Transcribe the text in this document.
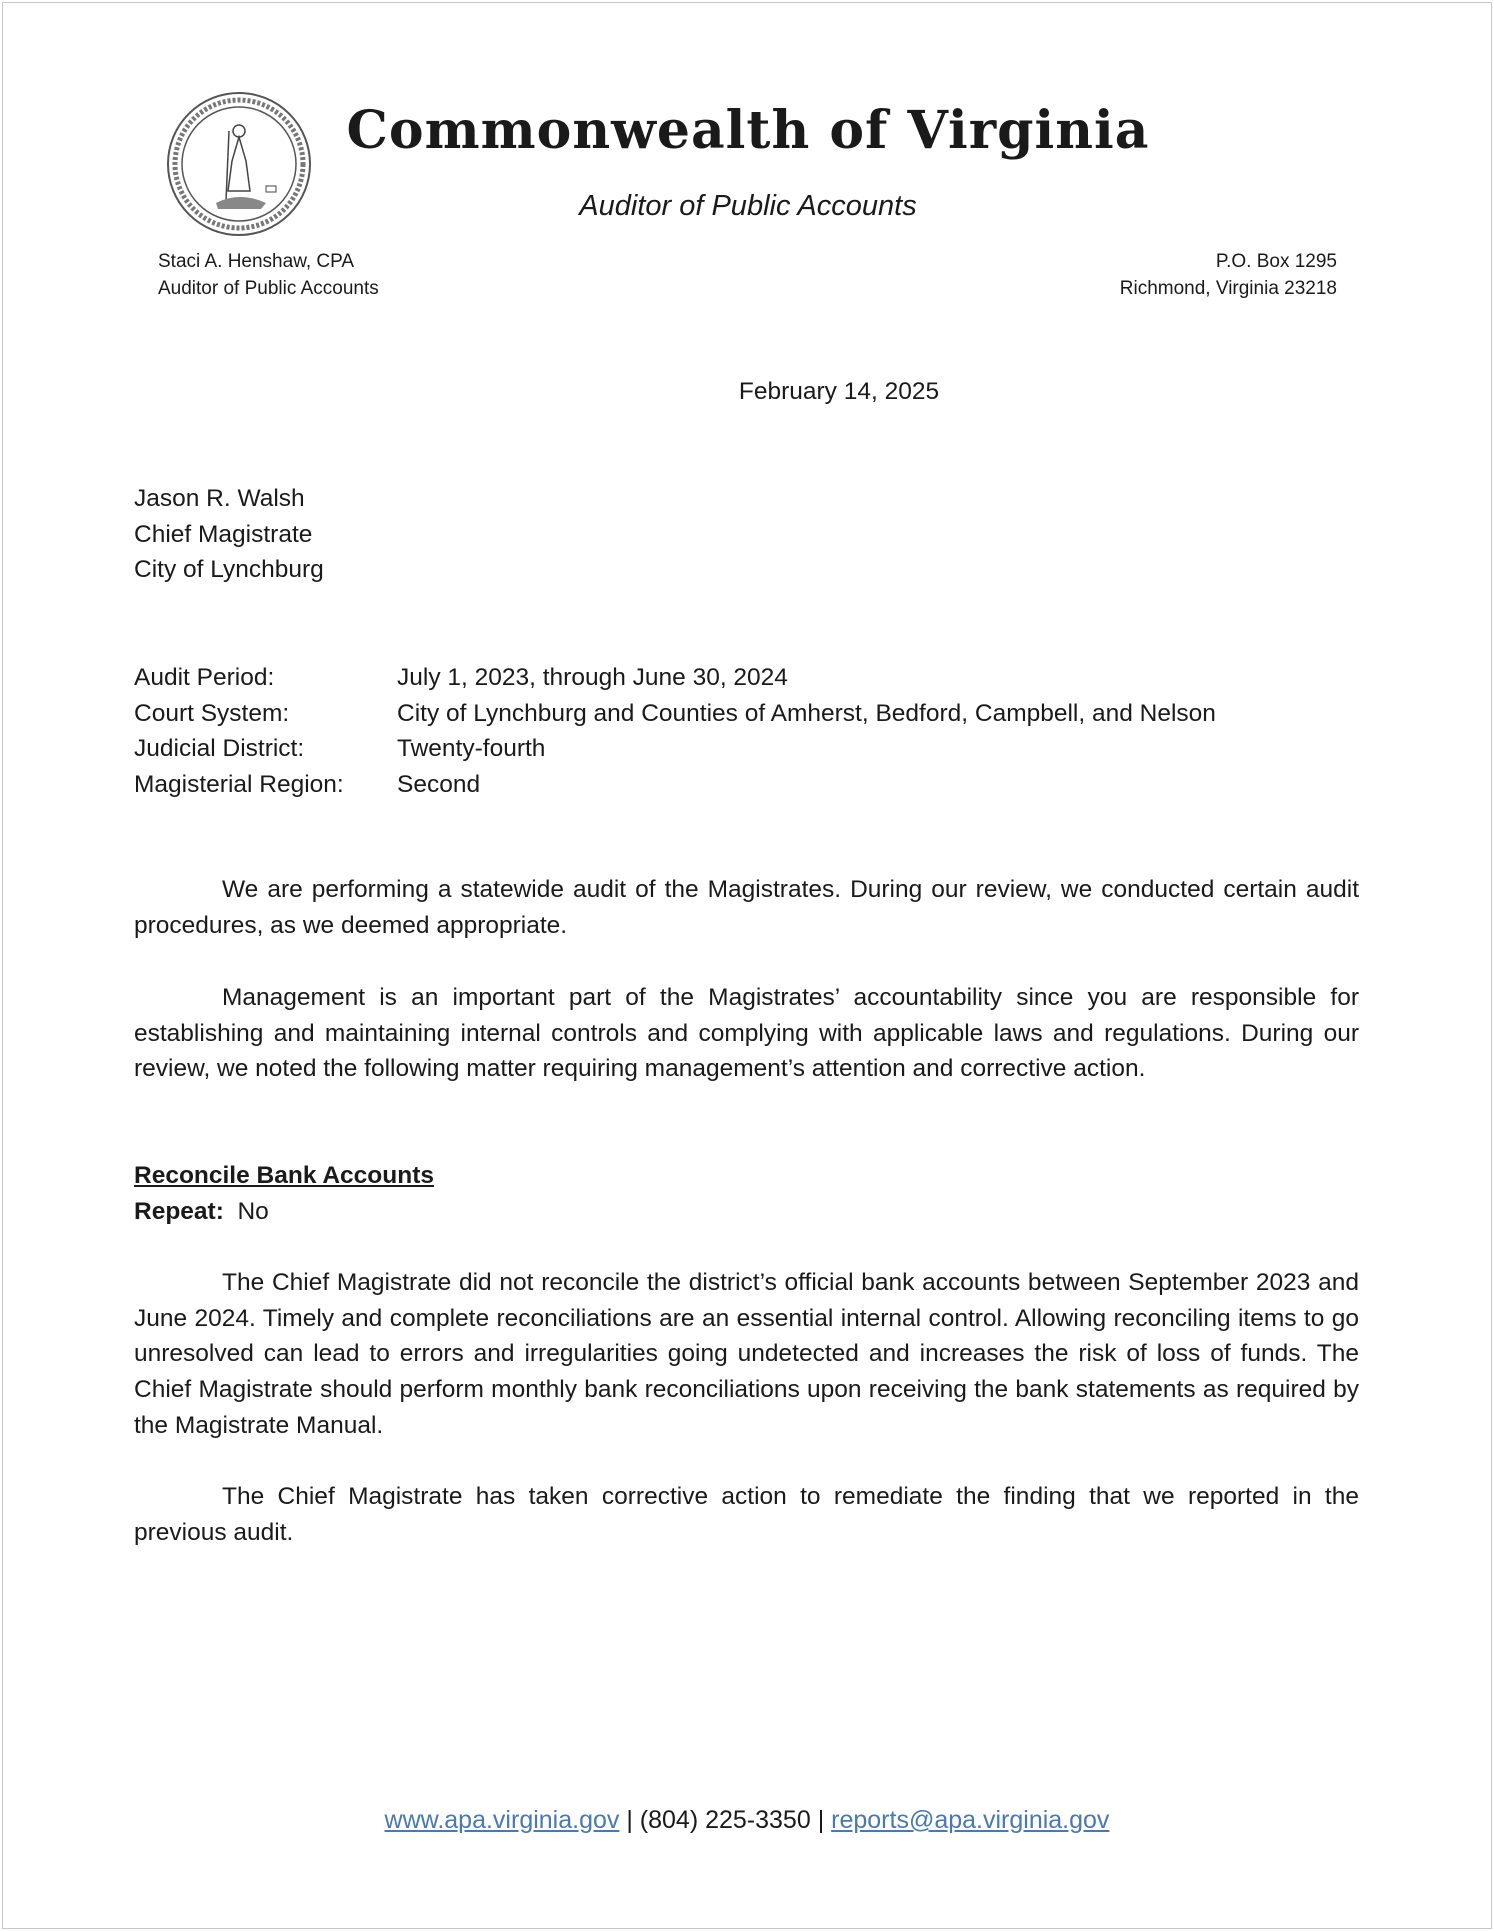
Commonwealth of Virginia
Auditor of Public Accounts
Staci A. Henshaw, CPA
Auditor of Public Accounts
P.O. Box 1295
Richmond, Virginia 23218
February 14, 2025
Jason R. Walsh
Chief Magistrate
City of Lynchburg
Audit Period:	July 1, 2023, through June 30, 2024
Court System:	City of Lynchburg and Counties of Amherst, Bedford, Campbell, and Nelson
Judicial District:	Twenty-fourth
Magisterial Region:	Second
We are performing a statewide audit of the Magistrates. During our review, we conducted certain audit procedures, as we deemed appropriate.
Management is an important part of the Magistrates’ accountability since you are responsible for establishing and maintaining internal controls and complying with applicable laws and regulations. During our review, we noted the following matter requiring management’s attention and corrective action.
Reconcile Bank Accounts
Repeat: No
The Chief Magistrate did not reconcile the district’s official bank accounts between September 2023 and June 2024. Timely and complete reconciliations are an essential internal control. Allowing reconciling items to go unresolved can lead to errors and irregularities going undetected and increases the risk of loss of funds. The Chief Magistrate should perform monthly bank reconciliations upon receiving the bank statements as required by the Magistrate Manual.
The Chief Magistrate has taken corrective action to remediate the finding that we reported in the previous audit.
www.apa.virginia.gov | (804) 225-3350 | reports@apa.virginia.gov
